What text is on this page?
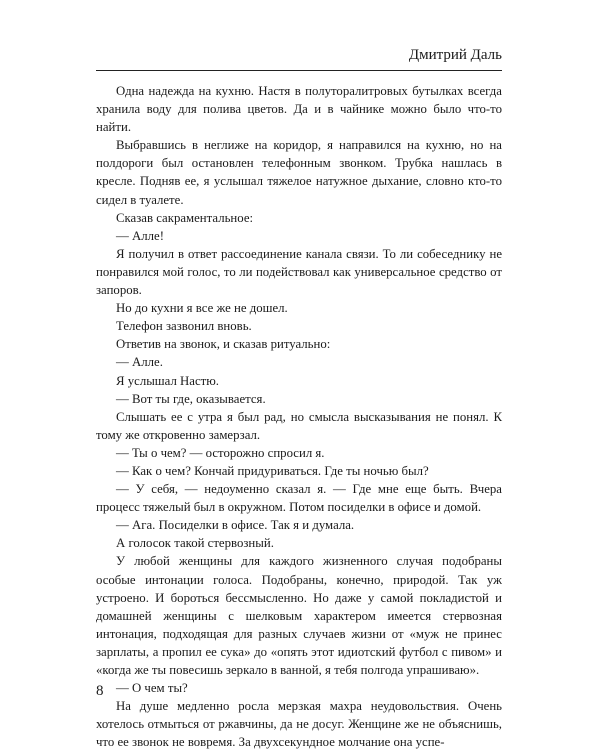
Дмитрий Даль

Одна надежда на кухню. Настя в полуторалитровых бутылках всегда хранила воду для полива цветов. Да и в чайнике можно было что-то найти.

Выбравшись в неглиже на коридор, я направился на кухню, но на полдороги был остановлен телефонным звонком. Трубка нашлась в кресле. Подняв ее, я услышал тяжелое натужное дыхание, словно кто-то сидел в туалете.

Сказав сакраментальное:

— Алле!

Я получил в ответ рассоединение канала связи. То ли собеседнику не понравился мой голос, то ли подействовал как универсальное средство от запоров.

Но до кухни я все же не дошел.

Телефон зазвонил вновь.

Ответив на звонок, и сказав ритуально:

— Алле.

Я услышал Настю.

— Вот ты где, оказывается.

Слышать ее с утра я был рад, но смысла высказывания не понял. К тому же откровенно замерзал.

— Ты о чем? — осторожно спросил я.

— Как о чем? Кончай придуриваться. Где ты ночью был?

— У себя, — недоуменно сказал я. — Где мне еще быть. Вчера процесс тяжелый был в окружном. Потом посиделки в офисе и домой.

— Ага. Посиделки в офисе. Так я и думала.

А голосок такой стервозный.

У любой женщины для каждого жизненного случая подобраны особые интонации голоса. Подобраны, конечно, природой. Так уж устроено. И бороться бессмысленно. Но даже у самой покладистой и домашней женщины с шелковым характером имеется стервозная интонация, подходящая для разных случаев жизни от «муж не принес зарплаты, а пропил ее сука» до «опять этот идиотский футбол с пивом» и «когда же ты повесишь зеркало в ванной, я тебя полгода упрашиваю».

— О чем ты?

На душе медленно росла мерзкая махра неудовольствия. Очень хотелось отмыться от ржавчины, да не досуг. Женщине же не объяснишь, что ее звонок не вовремя. За двухсекундное молчание она успе-

8
